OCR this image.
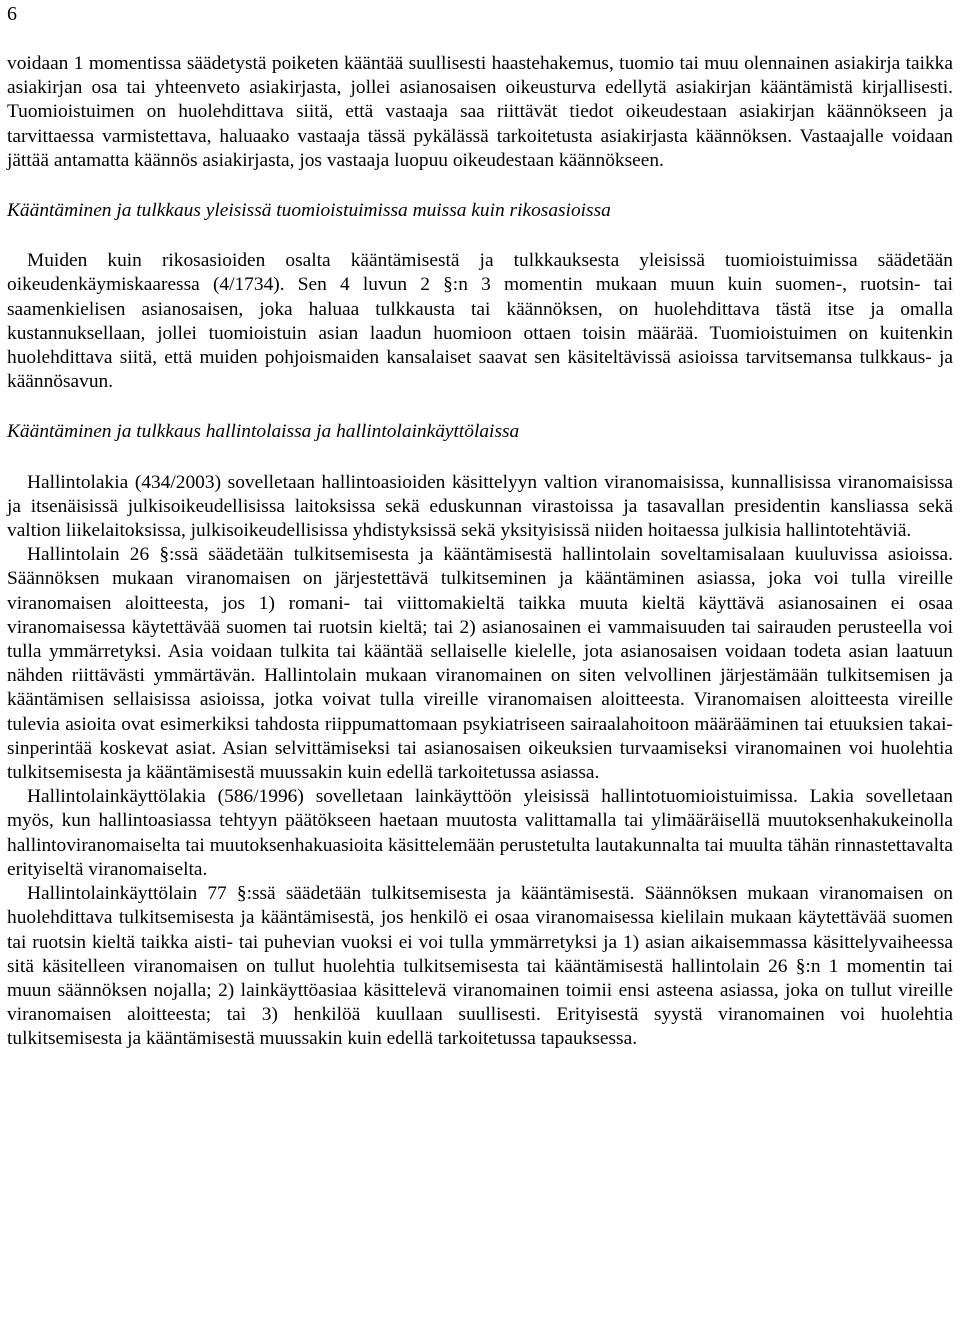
6

voidaan 1 momentissa säädetystä poiketen kääntää suullisesti haastehakemus, tuomio tai muu olennainen asiakirja taikka asiakirjan osa tai yhteenveto asiakirjasta, jollei asianosaisen oikeusturva edellytä asiakirjan kääntämistä kirjallisesti. Tuomioistuimen on huolehdittava siitä, että vastaaja saa riittävät tiedot oikeudestaan asiakirjan käännökseen ja tarvittaessa varmistettava, haluaako vastaaja tässä pykälässä tarkoitetusta asiakirjasta käännöksen. Vastaajalle voidaan jättää antamatta käännös asiakirjasta, jos vastaaja luopuu oikeudestaan käännökseen.

Kääntäminen ja tulkkaus yleisissä tuomioistuimissa muissa kuin rikosasioissa

Muiden kuin rikosasioiden osalta kääntämisestä ja tulkkauksesta yleisissä tuomioistuimissa säädetään oikeudenkäymiskaaressa (4/1734). Sen 4 luvun 2 §:n 3 momentin mukaan muun kuin suomen-, ruotsin- tai saamenkielisen asianosaisen, joka haluaa tulkkausta tai käännöksen, on huolehdittava tästä itse ja omalla kustannuksellaan, jollei tuomioistuin asian laadun huomioon ottaen toisin määrää. Tuomioistuimen on kuitenkin huolehdittava siitä, että muiden pohjoismaiden kansalaiset saavat sen käsiteltävissä asioissa tarvitsemansa tulkkaus- ja käännösavun.

Kääntäminen ja tulkkaus hallintolaissa ja hallintolainkäyttölaissa

Hallintolakia (434/2003) sovelletaan hallintoasioiden käsittelyyn valtion viranomaisissa, kunnallisissa viranomaisissa ja itsenäisissä julkisoikeudellisissa laitoksissa sekä eduskunnan virastoissa ja tasavallan presidentin kansliassa sekä valtion liikelaitoksissa, julkisoikeudellisissa yhdistyksissä sekä yksityisissä niiden hoitaessa julkisia hallintotehtäviä.

Hallintolain 26 §:ssä säädetään tulkitsemisesta ja kääntämisestä hallintolain soveltamisalaan kuuluvissa asioissa. Säännöksen mukaan viranomaisen on järjestettävä tulkitseminen ja kääntäminen asiassa, joka voi tulla vireille viranomaisen aloitteesta, jos 1) romani- tai viittomakieltä taikka muuta kieltä käyttävä asianosainen ei osaa viranomaisessa käytettävää suomen tai ruotsin kieltä; tai 2) asianosainen ei vammaisuuden tai sairauden perusteella voi tulla ymmärretyksi. Asia voidaan tulkita tai kääntää sellaiselle kielelle, jota asianosaisen voidaan todeta asian laatuun nähden riittävästi ymmärtävän. Hallintolain mukaan viranomainen on siten velvollinen järjestämään tulkitsemisen ja kääntämisen sellaisissa asioissa, jotka voivat tulla vireille viranomaisen aloitteesta. Viranomaisen aloitteesta vireille tulevia asioita ovat esimerkiksi tahdosta riippumattomaan psykiatriseen sairaalahoitoon määrääminen tai etuuksien takaisinperintää koskevat asiat. Asian selvittämiseksi tai asianosaisen oikeuksien turvaamiseksi viranomainen voi huolehtia tulkitsemisesta ja kääntämisestä muussakin kuin edellä tarkoitetussa asiassa.

Hallintolainkäyttölakia (586/1996) sovelletaan lainkäyttöön yleisissä hallintotuomioistuimissa. Lakia sovelletaan myös, kun hallintoasiassa tehtyyn päätökseen haetaan muutosta valittamalla tai ylimääräisellä muutoksenhakukeinolla hallintoviranomaiselta tai muutoksenhakuasioita käsittelemään perustetulta lautakunnalta tai muulta tähän rinnastettavalta erityiseltä viranomaiselta.

Hallintolainkäyttölain 77 §:ssä säädetään tulkitsemisesta ja kääntämisestä. Säännöksen mukaan viranomaisen on huolehdittava tulkitsemisesta ja kääntämisestä, jos henkilö ei osaa viranomaisessa kielilain mukaan käytettävää suomen tai ruotsin kieltä taikka aisti- tai puhevian vuoksi ei voi tulla ymmärretyksi ja 1) asian aikaisemmassa käsittelyvaiheessa sitä käsitelleen viranomaisen on tullut huolehtia tulkitsemisesta tai kääntämisestä hallintolain 26 §:n 1 momentin tai muun säännöksen nojalla; 2) lainkäyttöasiaa käsittelevä viranomainen toimii ensi asteena asiassa, joka on tullut vireille viranomaisen aloitteesta; tai 3) henkilöä kuullaan suullisesti. Erityisestä syystä viranomainen voi huolehtia tulkitsemisesta ja kääntämisestä muussakin kuin edellä tarkoitetussa tapauksessa.
